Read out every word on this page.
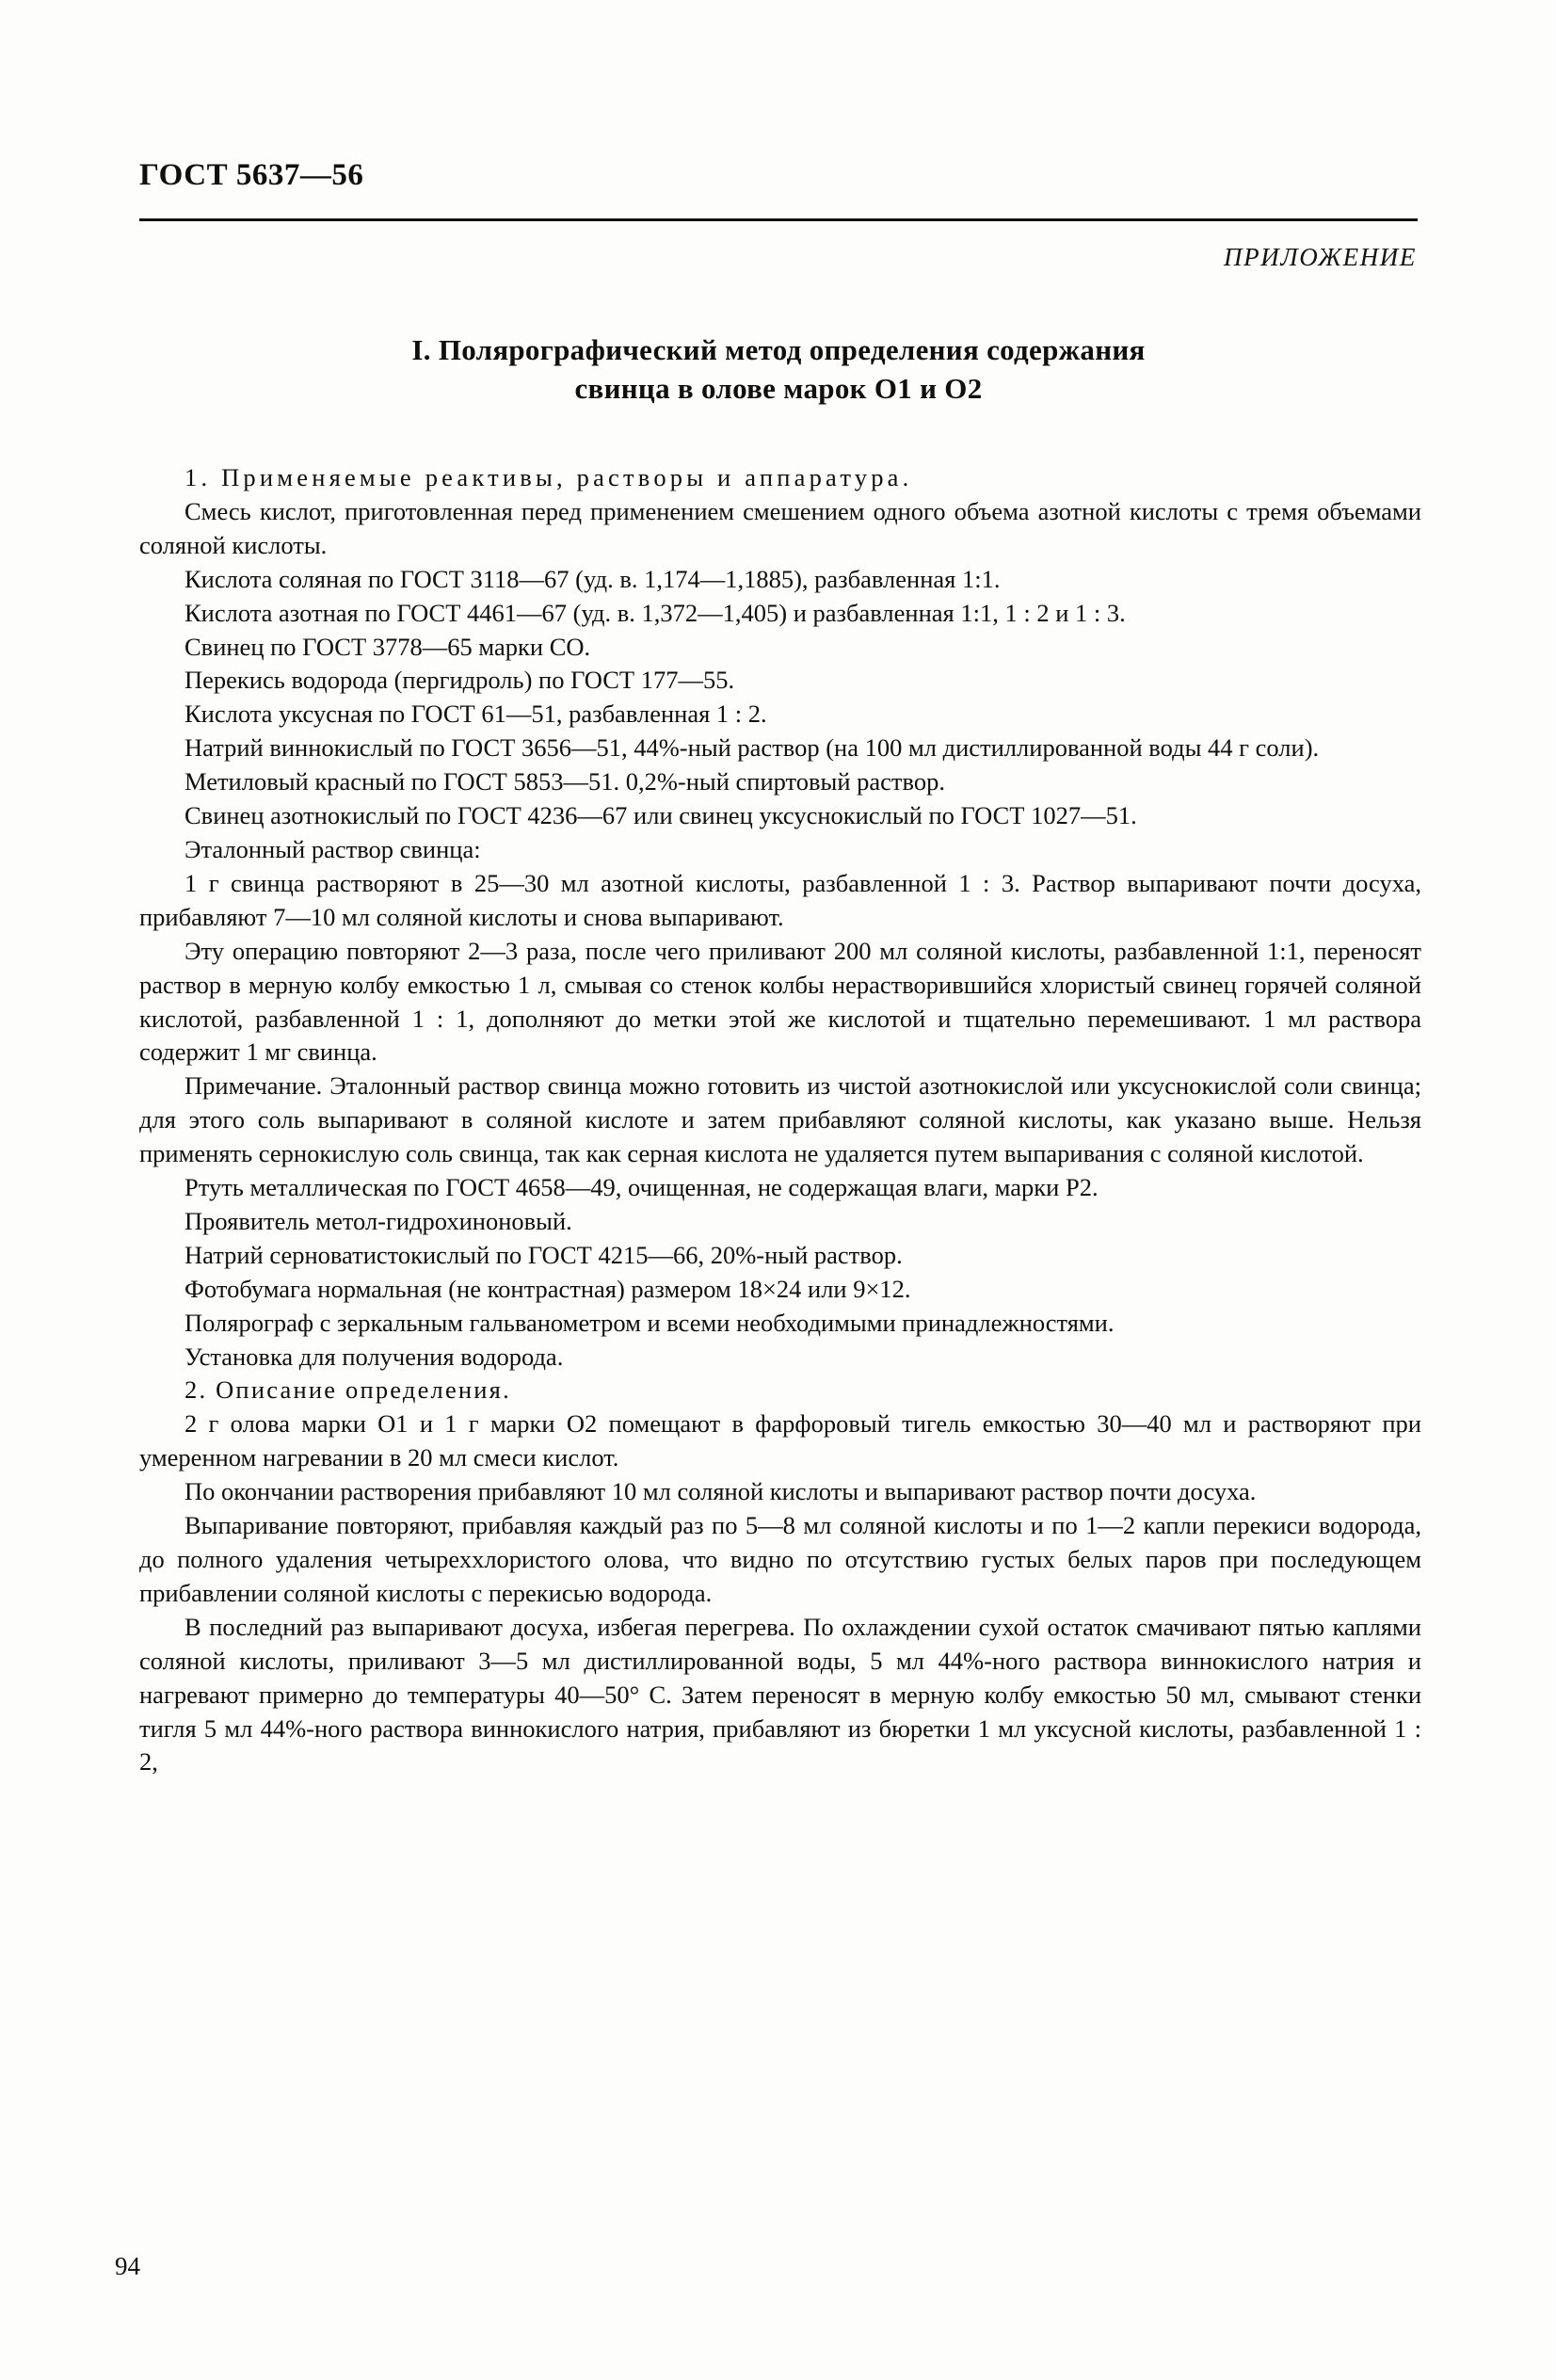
ГОСТ 5637—56
ПРИЛОЖЕНИЕ
I. Полярографический метод определения содержания
свинца в олове марок О1 и О2

1. Применяемые реактивы, растворы и аппаратура.

Смесь кислот, приготовленная перед применением смешением одного объема азотной кислоты с тремя объемами соляной кислоты.

Кислота соляная по ГОСТ 3118—67 (уд. в. 1,174—1,1885), разбавленная 1:1.

Кислота азотная по ГОСТ 4461—67 (уд. в. 1,372—1,405) и разбавленная 1:1, 1 : 2 и 1 : 3.

Свинец по ГОСТ 3778—65 марки СО.

Перекись водорода (пергидроль) по ГОСТ 177—55.

Кислота уксусная по ГОСТ 61—51, разбавленная 1 : 2.

Натрий виннокислый по ГОСТ 3656—51, 44%-ный раствор (на 100 мл дистиллированной воды 44 г соли).

Метиловый красный по ГОСТ 5853—51. 0,2%-ный спиртовый раствор.

Свинец азотнокислый по ГОСТ 4236—67 или свинец уксуснокислый по ГОСТ 1027—51.

Эталонный раствор свинца:

1 г свинца растворяют в 25—30 мл азотной кислоты, разбавленной 1 : 3. Раствор выпаривают почти досуха, прибавляют 7—10 мл соляной кислоты и снова выпаривают.

Эту операцию повторяют 2—3 раза, после чего приливают 200 мл соляной кислоты, разбавленной 1:1, переносят раствор в мерную колбу емкостью 1 л, смывая со стенок колбы нерастворившийся хлористый свинец горячей соляной кислотой, разбавленной 1 : 1, дополняют до метки этой же кислотой и тщательно перемешивают. 1 мл раствора содержит 1 мг свинца.

Примечание. Эталонный раствор свинца можно готовить из чистой азотнокислой или уксуснокислой соли свинца; для этого соль выпаривают в соляной кислоте и затем прибавляют соляной кислоты, как указано выше. Нельзя применять сернокислую соль свинца, так как серная кислота не удаляется путем выпаривания с соляной кислотой.

Ртуть металлическая по ГОСТ 4658—49, очищенная, не содержащая влаги, марки Р2.

Проявитель метол-гидрохиноновый.

Натрий серноватистокислый по ГОСТ 4215—66, 20%-ный раствор.

Фотобумага нормальная (не контрастная) размером 18×24 или 9×12.

Полярограф с зеркальным гальванометром и всеми необходимыми принадлежностями.

Установка для получения водорода.

2. Описание определения.

2 г олова марки О1 и 1 г марки О2 помещают в фарфоровый тигель емкостью 30—40 мл и растворяют при умеренном нагревании в 20 мл смеси кислот.

По окончании растворения прибавляют 10 мл соляной кислоты и выпаривают раствор почти досуха.

Выпаривание повторяют, прибавляя каждый раз по 5—8 мл соляной кислоты и по 1—2 капли перекиси водорода, до полного удаления четыреххлористого олова, что видно по отсутствию густых белых паров при последующем прибавлении соляной кислоты с перекисью водорода.

В последний раз выпаривают досуха, избегая перегрева. По охлаждении сухой остаток смачивают пятью каплями соляной кислоты, приливают 3—5 мл дистиллированной воды, 5 мл 44%-ного раствора виннокислого натрия и нагревают примерно до температуры 40—50° С. Затем переносят в мерную колбу емкостью 50 мл, смывают стенки тигля 5 мл 44%-ного раствора виннокислого натрия, прибавляют из бюретки 1 мл уксусной кислоты, разбавленной 1 : 2,

94
